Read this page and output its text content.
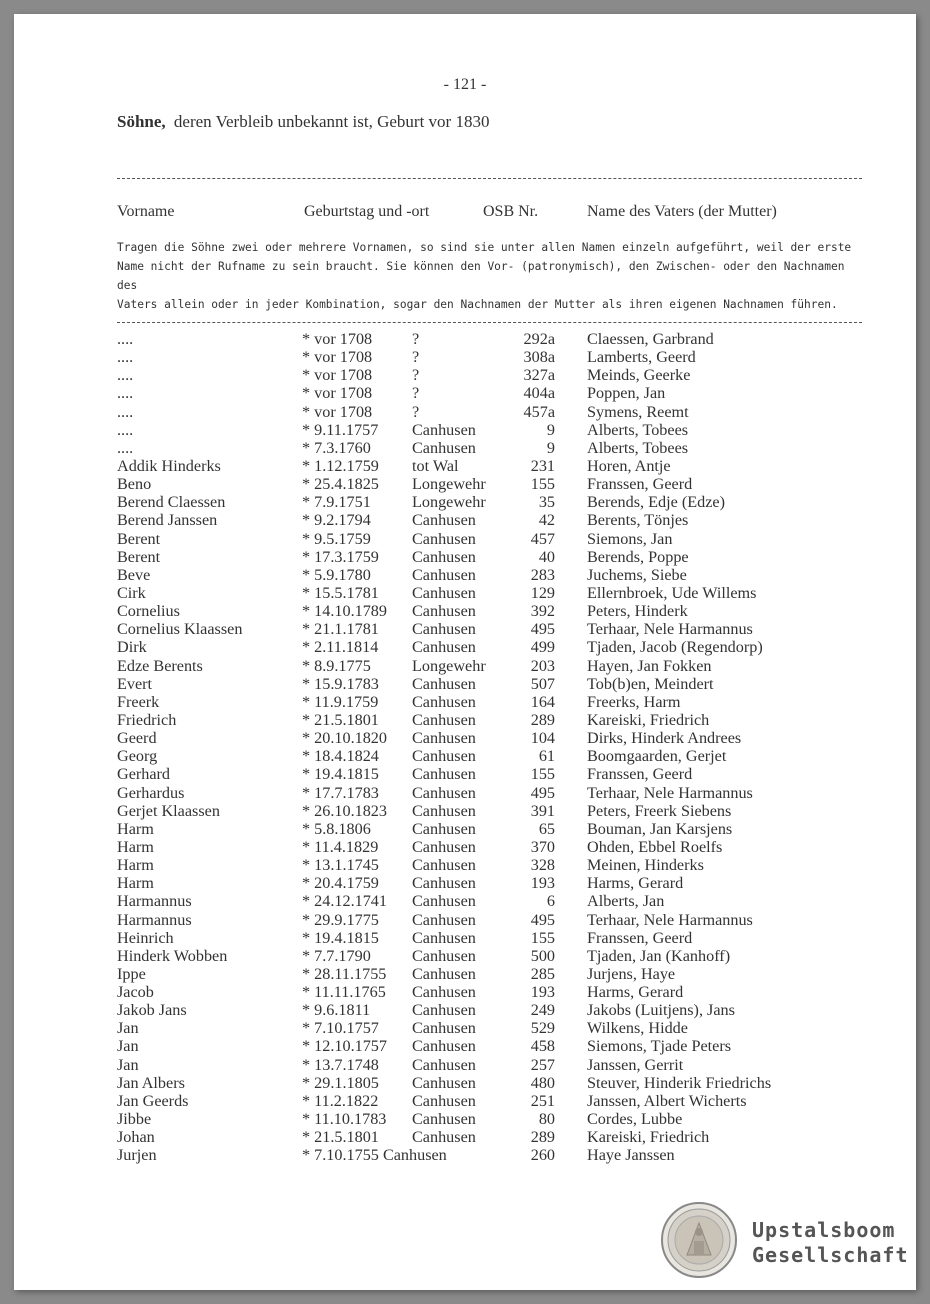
- 121 -
Söhne, deren Verbleib unbekannt ist, Geburt vor 1830
Vorname	Geburtstag und -ort	OSB Nr.	Name des Vaters (der Mutter)
Tragen die Söhne zwei oder mehrere Vornamen, so sind sie unter allen Namen einzeln aufgeführt, weil der erste
Name nicht der Rufname zu sein braucht. Sie können den Vor- (patronymisch), den Zwischen- oder den Nachnamen des
Vaters allein oder in jeder Kombination, sogar den Nachnamen der Mutter als ihren eigenen Nachnamen führen.
....	* vor 1708 ?	292a Claessen, Garbrand
....	* vor 1708 ?	308a Lamberts, Geerd
....	* vor 1708 ?	327a Meinds, Geerke
....	* vor 1708 ?	404a Poppen, Jan
....	* vor 1708 ?	457a Symens, Reemt
....	* 9.11.1757 Canhusen	9 Alberts, Tobees
....	* 7.3.1760	Canhusen	9 Alberts, Tobees
Addik Hinderks	* 1.12.1759 tot Wal	231 Horen, Antje
Beno	* 25.4.1825 Longewehr	155 Franssen, Geerd
Berend Claessen	* 7.9.1751	Longewehr	35 Berends, Edje (Edze)
Berend Janssen	* 9.2.1794	Canhusen	42 Berents, Tönjes
Berent	* 9.5.1759	Canhusen	457 Siemons, Jan
Berent	* 17.3.1759 Canhusen	40 Berends, Poppe
Beve	* 5.9.1780	Canhusen	283 Juchems, Siebe
Cirk	* 15.5.1781 Canhusen	129 Ellernbroek, Ude Willems
Cornelius	* 14.10.1789 Canhusen	392 Peters, Hinderk
Cornelius Klaassen	* 21.1.1781 Canhusen	495 Terhaar, Nele Harmannus
Dirk	* 2.11.1814 Canhusen	499 Tjaden, Jacob (Regendorp)
Edze Berents	* 8.9.1775	Longewehr	203 Hayen, Jan Fokken
Evert	* 15.9.1783 Canhusen	507 Tob(b)en, Meindert
Freerk	* 11.9.1759 Canhusen	164 Freerks, Harm
Friedrich	* 21.5.1801 Canhusen	289 Kareiski, Friedrich
Geerd	* 20.10.1820 Canhusen	104 Dirks, Hinderk Andrees
Georg	* 18.4.1824 Canhusen	61 Boomgaarden, Gerjet
Gerhard	* 19.4.1815 Canhusen	155 Franssen, Geerd
Gerhardus	* 17.7.1783 Canhusen	495 Terhaar, Nele Harmannus
Gerjet Klaassen	* 26.10.1823 Canhusen	391 Peters, Freerk Siebens
Harm	* 5.8.1806	Canhusen	65 Bouman, Jan Karsjens
Harm	* 11.4.1829 Canhusen	370 Ohden, Ebbel Roelfs
Harm	* 13.1.1745 Canhusen	328 Meinen, Hinderks
Harm	* 20.4.1759 Canhusen	193 Harms, Gerard
Harmannus	* 24.12.1741 Canhusen	6 Alberts, Jan
Harmannus	* 29.9.1775 Canhusen	495 Terhaar, Nele Harmannus
Heinrich	* 19.4.1815 Canhusen	155 Franssen, Geerd
Hinderk Wobben	* 7.7.1790	Canhusen	500 Tjaden, Jan (Kanhoff)
Ippe	* 28.11.1755 Canhusen	285 Jurjens, Haye
Jacob	* 11.11.1765 Canhusen	193 Harms, Gerard
Jakob Jans	* 9.6.1811	Canhusen	249 Jakobs (Luitjens), Jans
Jan	* 7.10.1757 Canhusen	529 Wilkens, Hidde
Jan	* 12.10.1757 Canhusen	458 Siemons, Tjade Peters
Jan	* 13.7.1748 Canhusen	257 Janssen, Gerrit
Jan Albers	* 29.1.1805 Canhusen	480 Steuver, Hinderik Friedrichs
Jan Geerds	* 11.2.1822 Canhusen	251 Janssen, Albert Wicherts
Jibbe	* 11.10.1783 Canhusen	80 Cordes, Lubbe
Johan	* 21.5.1801 Canhusen	289 Kareiski, Friedrich
Jurjen	* 7.10.1755 Canhusen	260 Haye Janssen
Upstalsboom
Gesellschaft
